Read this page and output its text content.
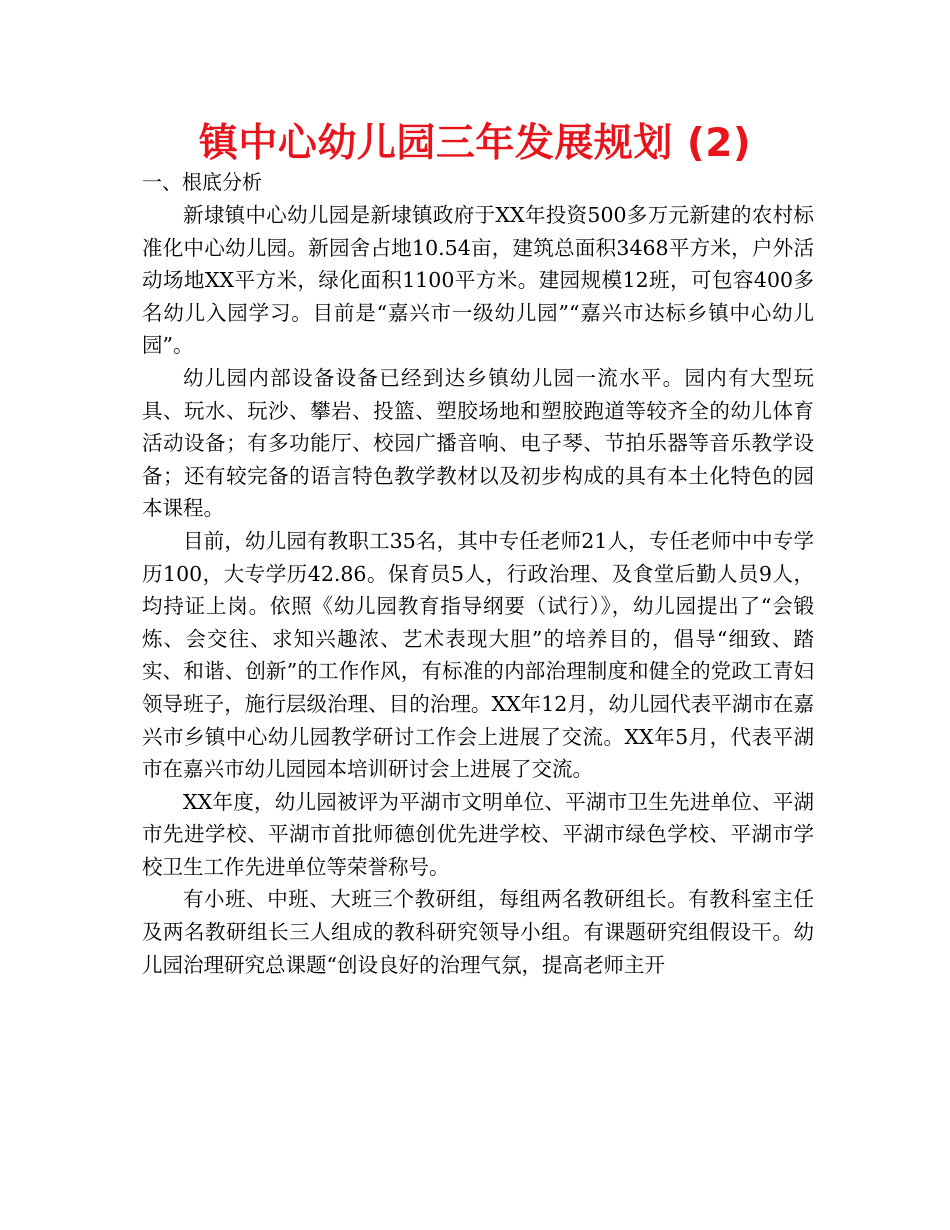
镇中心幼儿园三年发展规划 (2)

一、根底分析

新埭镇中心幼儿园是新埭镇政府于XX年投资500多万元新建的农村标准化中心幼儿园。新园舍占地10.54亩，建筑总面积3468平方米，户外活动场地XX平方米，绿化面积1100平方米。建园规模12班，可包容400多名幼儿入园学习。目前是“嘉兴市一级幼儿园”“嘉兴市达标乡镇中心幼儿园”。

幼儿园内部设备设备已经到达乡镇幼儿园一流水平。园内有大型玩具、玩水、玩沙、攀岩、投篮、塑胶场地和塑胶跑道等较齐全的幼儿体育活动设备；有多功能厅、校园广播音响、电子琴、节拍乐器等音乐教学设备；还有较完备的语言特色教学教材以及初步构成的具有本土化特色的园本课程。

目前，幼儿园有教职工35名，其中专任老师21人，专任老师中中专学历100，大专学历42.86。保育员5人，行政治理、及食堂后勤人员9人，均持证上岗。依照《幼儿园教育指导纲要（试行）》，幼儿园提出了“会锻炼、会交往、求知兴趣浓、艺术表现大胆”的培养目的，倡导“细致、踏实、和谐、创新”的工作作风，有标准的内部治理制度和健全的党政工青妇领导班子，施行层级治理、目的治理。XX年12月，幼儿园代表平湖市在嘉兴市乡镇中心幼儿园教学研讨工作会上进展了交流。XX年5月，代表平湖市在嘉兴市幼儿园园本培训研讨会上进展了交流。

XX年度，幼儿园被评为平湖市文明单位、平湖市卫生先进单位、平湖市先进学校、平湖市首批师德创优先进学校、平湖市绿色学校、平湖市学校卫生工作先进单位等荣誉称号。

有小班、中班、大班三个教研组，每组两名教研组长。有教科室主任及两名教研组长三人组成的教科研究领导小组。有课题研究组假设干。幼儿园治理研究总课题“创设良好的治理气氛，提高老师主开
